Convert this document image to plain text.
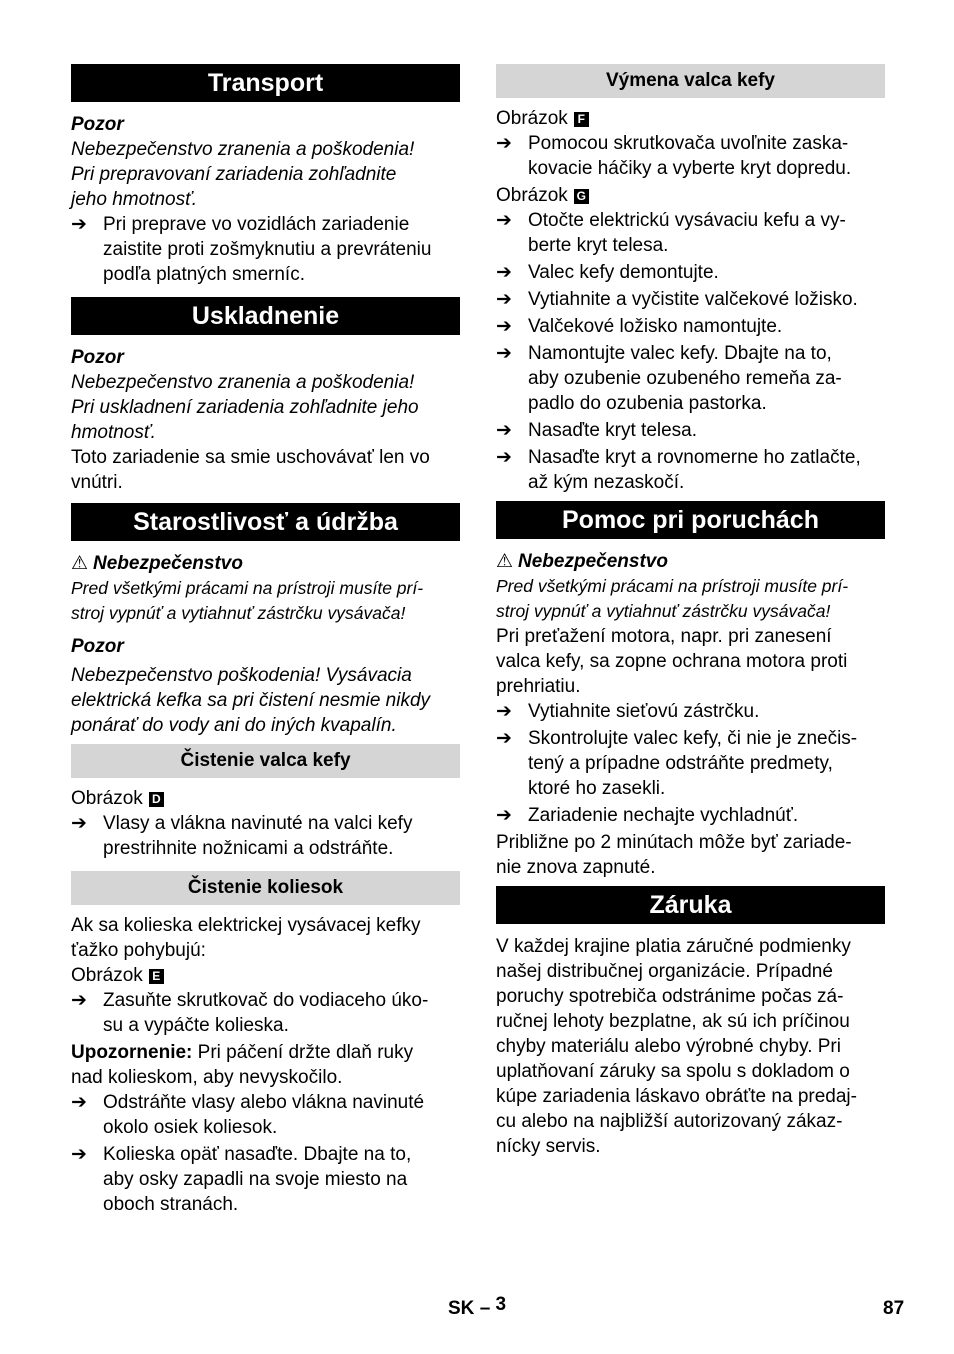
Transport

Pozor

Nebezpečenstvo zranenia a poškodenia!

Pri prepravovaní zariadenia zohľadnite

jeho hmotnosť.

➔ Pri preprave vo vozidlách zariadenie
zaistite proti zošmyknutiu a prevráteniu
podľa platných smerníc.
Uskladnenie

Pozor

Nebezpečenstvo zranenia a poškodenia!

Pri uskladnení zariadenia zohľadnite jeho

hmotnosť.

Toto zariadenie sa smie uschovávať len vo

vnútri.

Starostlivosť a údržba

⚠ Nebezpečenstvo

Pred všetkými prácami na prístroji musíte prí-

stroj vypnúť a vytiahnuť zástrčku vysávača!

Pozor

Nebezpečenstvo poškodenia! Vysávacia

elektrická kefka sa pri čistení nesmie nikdy

ponárať do vody ani do iných kvapalín.

Čistenie valca kefy

Obrázok D

➔ Vlasy a vlákna navinuté na valci kefy
prestrihnite nožnicami a odstráňte.
Čistenie koliesok

Ak sa kolieska elektrickej vysávacej kefky

ťažko pohybujú:

Obrázok E

➔ Zasuňte skrutkovač do vodiaceho úko-
su a vypáčte kolieska.

Upozornenie: Pri páčení držte dlaň ruky

nad kolieskom, aby nevyskočilo.

➔ Odstráňte vlasy alebo vlákna navinuté
okolo osiek koliesok.
➔ Kolieska opäť nasaďte. Dbajte na to,
aby osky zapadli na svoje miesto na
oboch stranách.
Výmena valca kefy

Obrázok F

➔ Pomocou skrutkovača uvoľnite zaska-
kovacie háčiky a vyberte kryt dopredu.

Obrázok G

➔ Otočte elektrickú vysávaciu kefu a vy-
berte kryt telesa.
➔ Valec kefy demontujte.
➔ Vytiahnite a vyčistite valčekové ložisko.
➔ Valčekové ložisko namontujte.
➔ Namontujte valec kefy. Dbajte na to,
aby ozubenie ozubeného remeňa za-
padlo do ozubenia pastorka.
➔ Nasaďte kryt telesa.
➔ Nasaďte kryt a rovnomerne ho zatlačte,
až kým nezaskočí.
Pomoc pri poruchách

⚠ Nebezpečenstvo

Pred všetkými prácami na prístroji musíte prí-

stroj vypnúť a vytiahnuť zástrčku vysávača!

Pri preťažení motora, napr. pri zanesení

valca kefy, sa zopne ochrana motora proti

prehriatiu.

➔ Vytiahnite sieťovú zástrčku.
➔ Skontrolujte valec kefy, či nie je znečis-
tený a prípadne odstráňte predmety,
ktoré ho zasekli.
➔ Zariadenie nechajte vychladnúť.

Približne po 2 minútach môže byť zariade-

nie znova zapnuté.

Záruka

V každej krajine platia záručné podmienky

našej distribučnej organizácie. Prípadné

poruchy spotrebiča odstránime počas zá-

ručnej lehoty bezplatne, ak sú ich príčinou

chyby materiálu alebo výrobné chyby. Pri

uplatňovaní záruky sa spolu s dokladom o

kúpe zariadenia láskavo obráťte na predaj-

cu alebo na najbližší autorizovaný zákaz-

nícky servis.

SK – 3	87
